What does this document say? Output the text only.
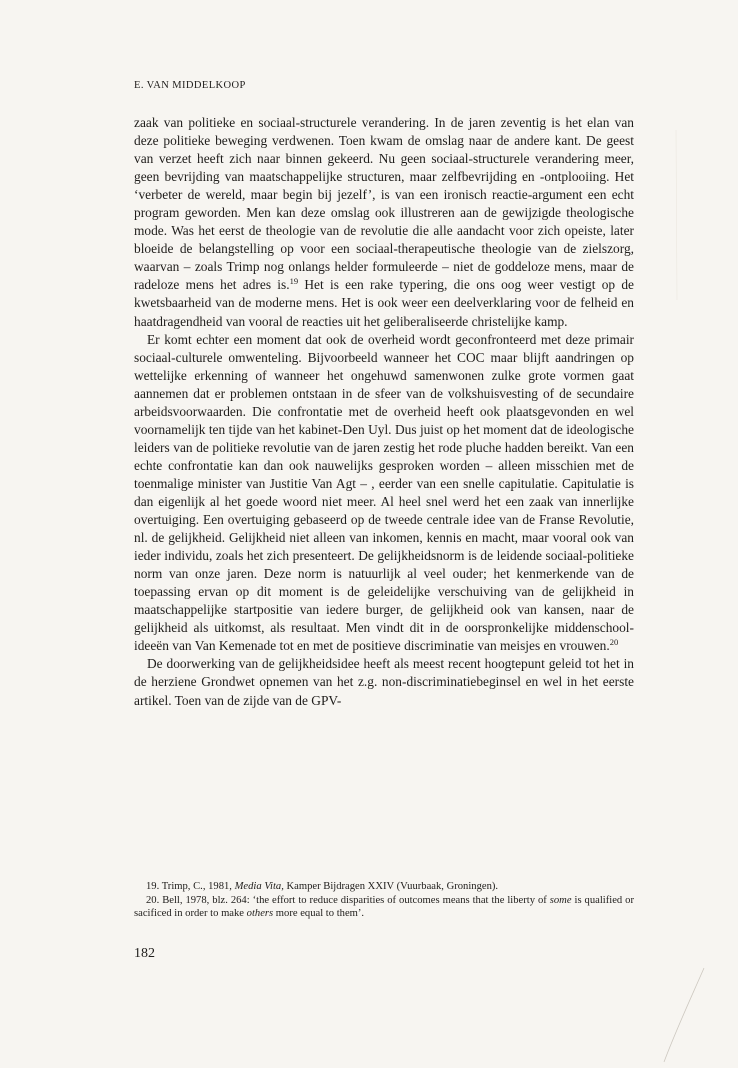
E. VAN MIDDELKOOP

zaak van politieke en sociaal-structurele verandering. In de jaren zeventig is het elan van deze politieke beweging verdwenen. Toen kwam de omslag naar de andere kant. De geest van verzet heeft zich naar binnen gekeerd. Nu geen sociaal-structurele verandering meer, geen bevrijding van maatschappelijke structuren, maar zelfbevrijding en -ontplooiing. Het ‘verbeter de wereld, maar begin bij jezelf’, is van een ironisch reactie-argument een echt program geworden. Men kan deze omslag ook illustreren aan de gewijzigde theologische mode. Was het eerst de theologie van de revolutie die alle aandacht voor zich opeiste, later bloeide de belangstelling op voor een sociaal-therapeutische theologie van de zielszorg, waarvan – zoals Trimp nog onlangs helder formuleerde – niet de goddeloze mens, maar de radeloze mens het adres is.$^{19}$ Het is een rake typering, die ons oog weer vestigt op de kwetsbaarheid van de moderne mens. Het is ook weer een deelverklaring voor de felheid en haatdragendheid van vooral de reacties uit het geliberaliseerde christelijke kamp.

Er komt echter een moment dat ook de overheid wordt geconfronteerd met deze primair sociaal-culturele omwenteling. Bijvoorbeeld wanneer het COC maar blijft aandringen op wettelijke erkenning of wanneer het ongehuwd samenwonen zulke grote vormen gaat aannemen dat er problemen ontstaan in de sfeer van de volkshuisvesting of de secundaire arbeidsvoorwaarden. Die confrontatie met de overheid heeft ook plaatsgevonden en wel voornamelijk ten tijde van het kabinet-Den Uyl. Dus juist op het moment dat de ideologische leiders van de politieke revolutie van de jaren zestig het rode pluche hadden bereikt. Van een echte confrontatie kan dan ook nauwelijks gesproken worden – alleen misschien met de toenmalige minister van Justitie Van Agt – , eerder van een snelle capitulatie. Capitulatie is dan eigenlijk al het goede woord niet meer. Al heel snel werd het een zaak van innerlijke overtuiging. Een overtuiging gebaseerd op de tweede centrale idee van de Franse Revolutie, nl. de gelijkheid. Gelijkheid niet alleen van inkomen, kennis en macht, maar vooral ook van ieder individu, zoals het zich presenteert. De gelijkheidsnorm is de leidende sociaal-politieke norm van onze jaren. Deze norm is natuurlijk al veel ouder; het kenmerkende van de toepassing ervan op dit moment is de geleidelijke verschuiving van de gelijkheid in maatschappelijke startpositie van iedere burger, de gelijkheid ook van kansen, naar de gelijkheid als uitkomst, als resultaat. Men vindt dit in de oorspronkelijke middenschool-ideeën van Van Kemenade tot en met de positieve discriminatie van meisjes en vrouwen.$^{20}$

De doorwerking van de gelijkheidsidee heeft als meest recent hoogtepunt geleid tot het in de herziene Grondwet opnemen van het z.g. non-discriminatiebeginsel en wel in het eerste artikel. Toen van de zijde van de GPV-

19. Trimp, C., 1981, Media Vita, Kamper Bijdragen XXIV (Vuurbaak, Groningen).

20. Bell, 1978, blz. 264: ‘the effort to reduce disparities of outcomes means that the liberty of some is qualified or sacificed in order to make others more equal to them’.

182
